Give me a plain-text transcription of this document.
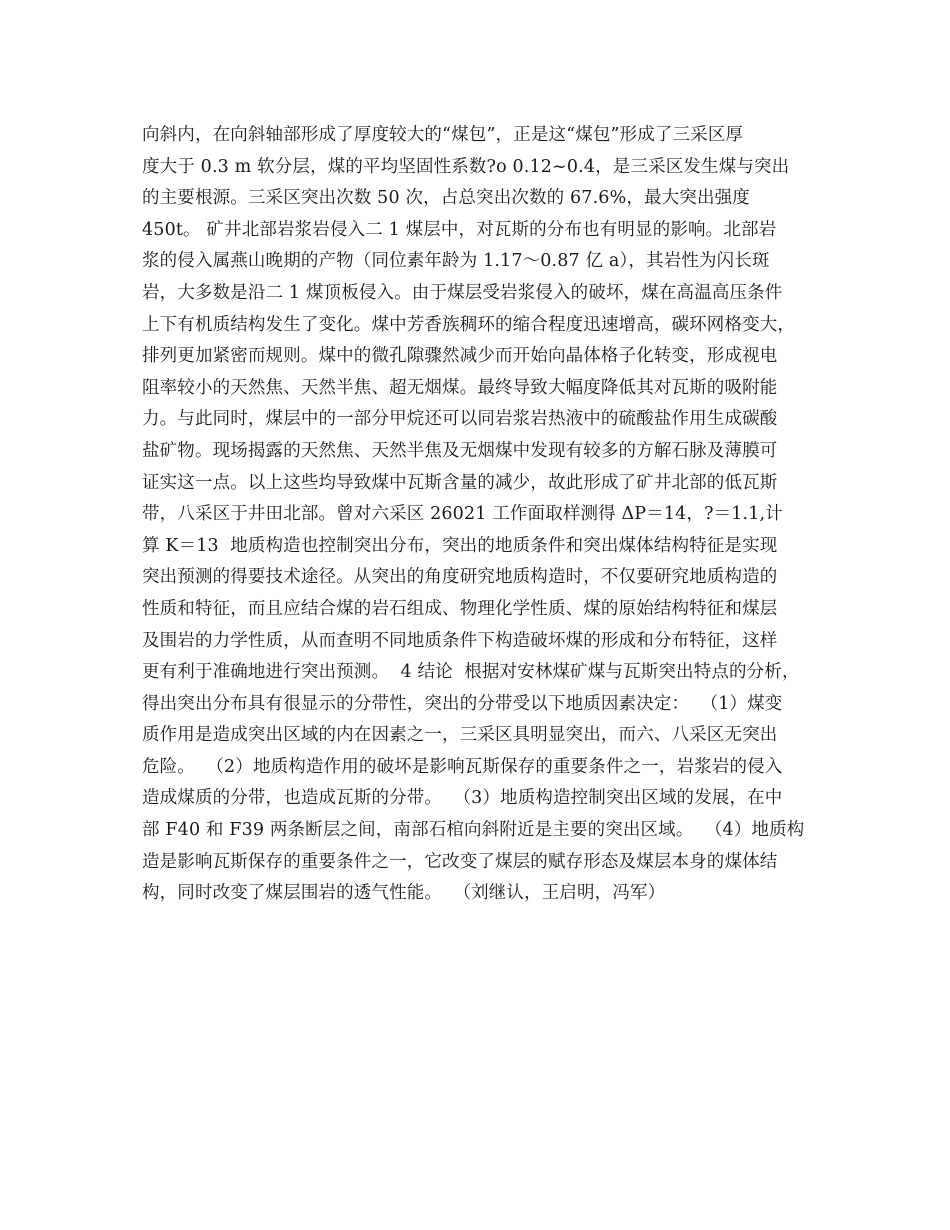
向斜内，在向斜轴部形成了厚度较大的“煤包”，正是这“煤包”形成了三采区厚
度大于 0.3 m 软分层，煤的平均坚固性系数?o 0.12~0.4，是三采区发生煤与突出
的主要根源。三采区突出次数 50 次，占总突出次数的 67.6%，最大突出强度
450t。 矿井北部岩浆岩侵入二 1 煤层中，对瓦斯的分布也有明显的影响。北部岩
浆的侵入属燕山晚期的产物（同位素年龄为 1.17～0.87 亿 a），其岩性为闪长斑
岩，大多数是沿二 1 煤顶板侵入。由于煤层受岩浆侵入的破坏，煤在高温高压条件
上下有机质结构发生了变化。煤中芳香族稠环的缩合程度迅速增高，碳环网格变大，
排列更加紧密而规则。煤中的微孔隙骤然减少而开始向晶体格子化转变，形成视电
阻率较小的天然焦、天然半焦、超无烟煤。最终导致大幅度降低其对瓦斯的吸附能
力。与此同时，煤层中的一部分甲烷还可以同岩浆岩热液中的硫酸盐作用生成碳酸
盐矿物。现场揭露的天然焦、天然半焦及无烟煤中发现有较多的方解石脉及薄膜可
证实这一点。以上这些均导致煤中瓦斯含量的减少，故此形成了矿井北部的低瓦斯
带，八采区于井田北部。曾对六采区 26021 工作面取样测得 ΔP＝14，?＝1.1,计
算 K＝13  地质构造也控制突出分布，突出的地质条件和突出煤体结构特征是实现
突出预测的得要技术途径。从突出的角度研究地质构造时，不仅要研究地质构造的
性质和特征，而且应结合煤的岩石组成、物理化学性质、煤的原始结构特征和煤层
及围岩的力学性质，从而查明不同地质条件下构造破坏煤的形成和分布特征，这样
更有利于准确地进行突出预测。  4 结论  根据对安林煤矿煤与瓦斯突出特点的分析，
得出突出分布具有很显示的分带性，突出的分带受以下地质因素决定：  （1）煤变
质作用是造成突出区域的内在因素之一，三采区具明显突出，而六、八采区无突出
危险。  （2）地质构造作用的破坏是影响瓦斯保存的重要条件之一，岩浆岩的侵入
造成煤质的分带，也造成瓦斯的分带。  （3）地质构造控制突出区域的发展，在中
部 F40 和 F39 两条断层之间，南部石棺向斜附近是主要的突出区域。  （4）地质构
造是影响瓦斯保存的重要条件之一，它改变了煤层的赋存形态及煤层本身的煤体结
构，同时改变了煤层围岩的透气性能。  （刘继认，王启明，冯军）
